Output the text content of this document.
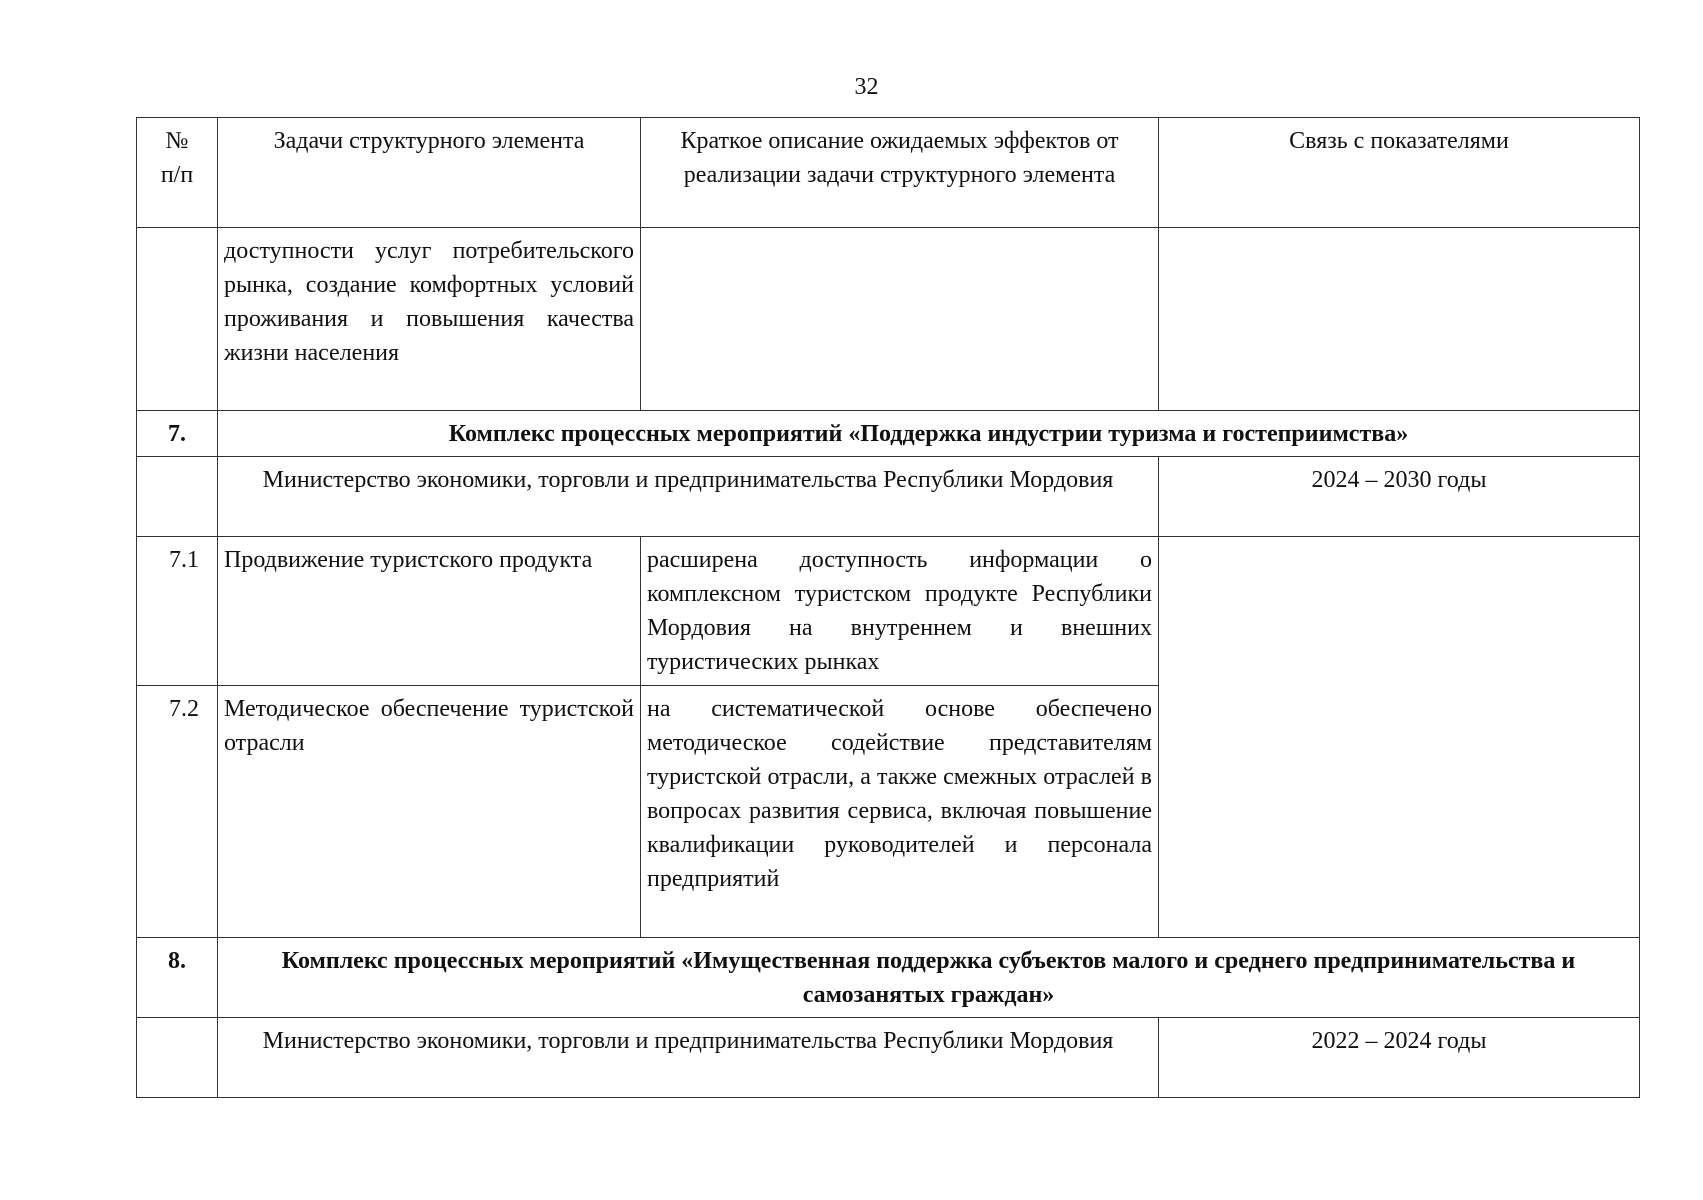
32
№ п/п	Задачи структурного элемента	Краткое описание ожидаемых эффектов от реализации задачи структурного элемента	Связь с показателями
	доступности услуг потребительского рынка, создание комфортных условий проживания и повышения качества жизни населения		
7.	Комплекс процессных мероприятий «Поддержка индустрии туризма и гостеприимства»		
	Министерство экономики, торговли и предпринимательства Республики Мордовия		2024 – 2030 годы
7.1	Продвижение туристского продукта	расширена доступность информации о комплексном туристском продукте Республики Мордовия на внутреннем и внешних туристических рынках	
7.2	Методическое обеспечение туристской отрасли	на систематической основе обеспечено методическое содействие представителям туристской отрасли, а также смежных отраслей в вопросах развития сервиса, включая повышение квалификации руководителей и персонала предприятий	
8.	Комплекс процессных мероприятий «Имущественная поддержка субъектов малого и среднего предпринимательства и самозанятых граждан»		
	Министерство экономики, торговли и предпринимательства Республики Мордовия		2022 – 2024 годы
